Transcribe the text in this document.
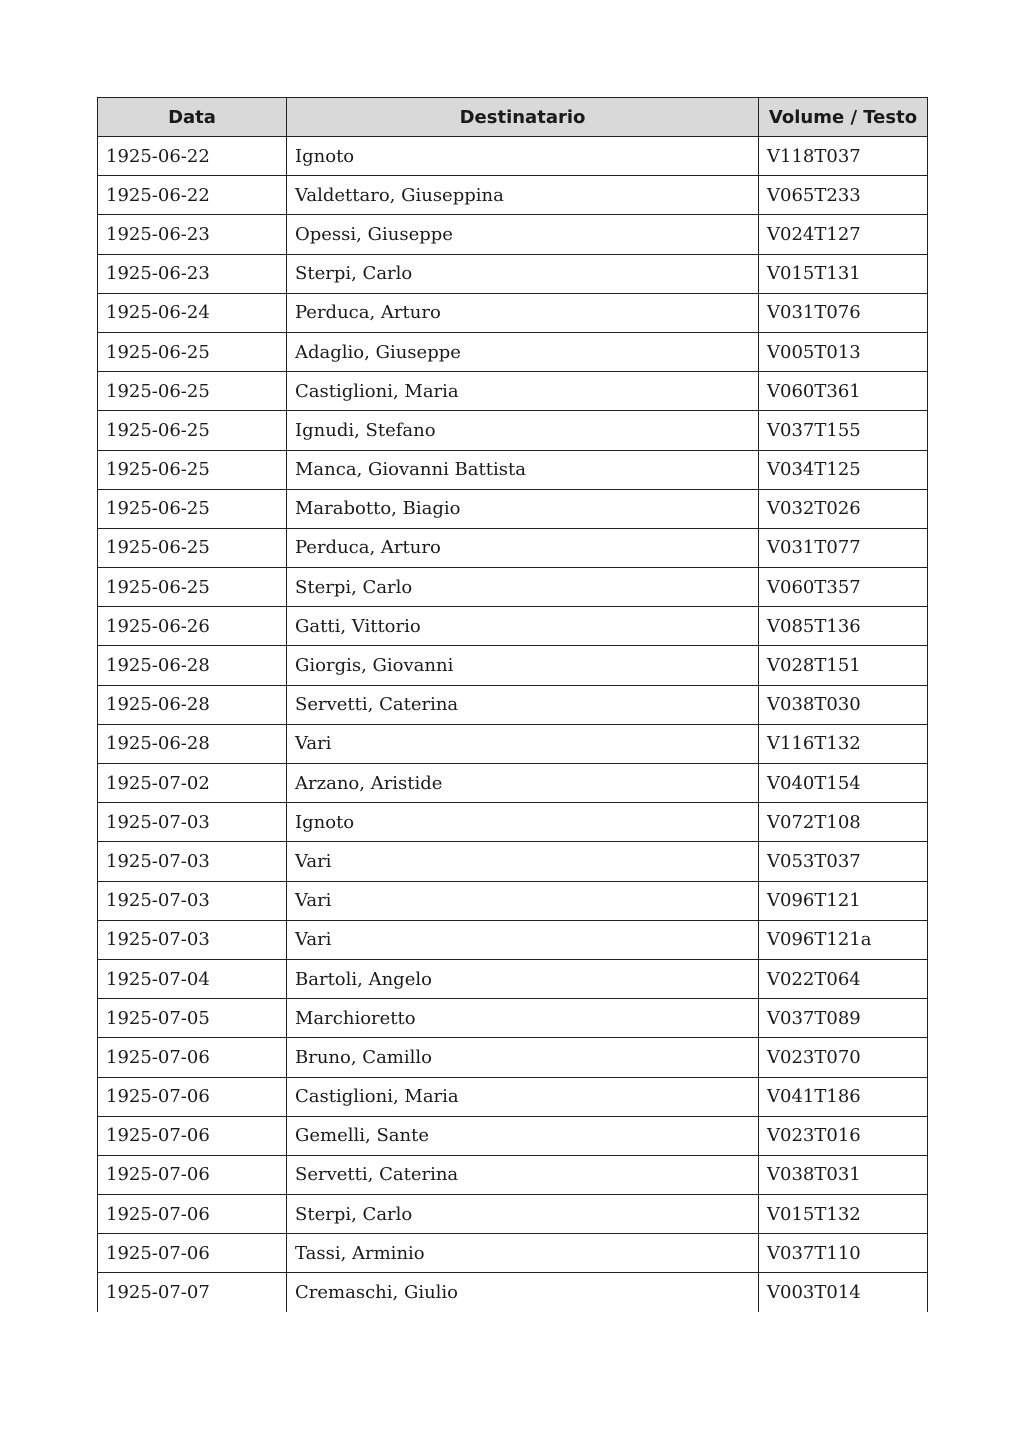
Data	Destinatario	Volume / Testo
1925-06-22	Ignoto	V118T037
1925-06-22	Valdettaro, Giuseppina	V065T233
1925-06-23	Opessi, Giuseppe	V024T127
1925-06-23	Sterpi, Carlo	V015T131
1925-06-24	Perduca, Arturo	V031T076
1925-06-25	Adaglio, Giuseppe	V005T013
1925-06-25	Castiglioni, Maria	V060T361
1925-06-25	Ignudi, Stefano	V037T155
1925-06-25	Manca, Giovanni Battista	V034T125
1925-06-25	Marabotto, Biagio	V032T026
1925-06-25	Perduca, Arturo	V031T077
1925-06-25	Sterpi, Carlo	V060T357
1925-06-26	Gatti, Vittorio	V085T136
1925-06-28	Giorgis, Giovanni	V028T151
1925-06-28	Servetti, Caterina	V038T030
1925-06-28	Vari	V116T132
1925-07-02	Arzano, Aristide	V040T154
1925-07-03	Ignoto	V072T108
1925-07-03	Vari	V053T037
1925-07-03	Vari	V096T121
1925-07-03	Vari	V096T121a
1925-07-04	Bartoli, Angelo	V022T064
1925-07-05	Marchioretto	V037T089
1925-07-06	Bruno, Camillo	V023T070
1925-07-06	Castiglioni, Maria	V041T186
1925-07-06	Gemelli, Sante	V023T016
1925-07-06	Servetti, Caterina	V038T031
1925-07-06	Sterpi, Carlo	V015T132
1925-07-06	Tassi, Arminio	V037T110
1925-07-07	Cremaschi, Giulio	V003T014
